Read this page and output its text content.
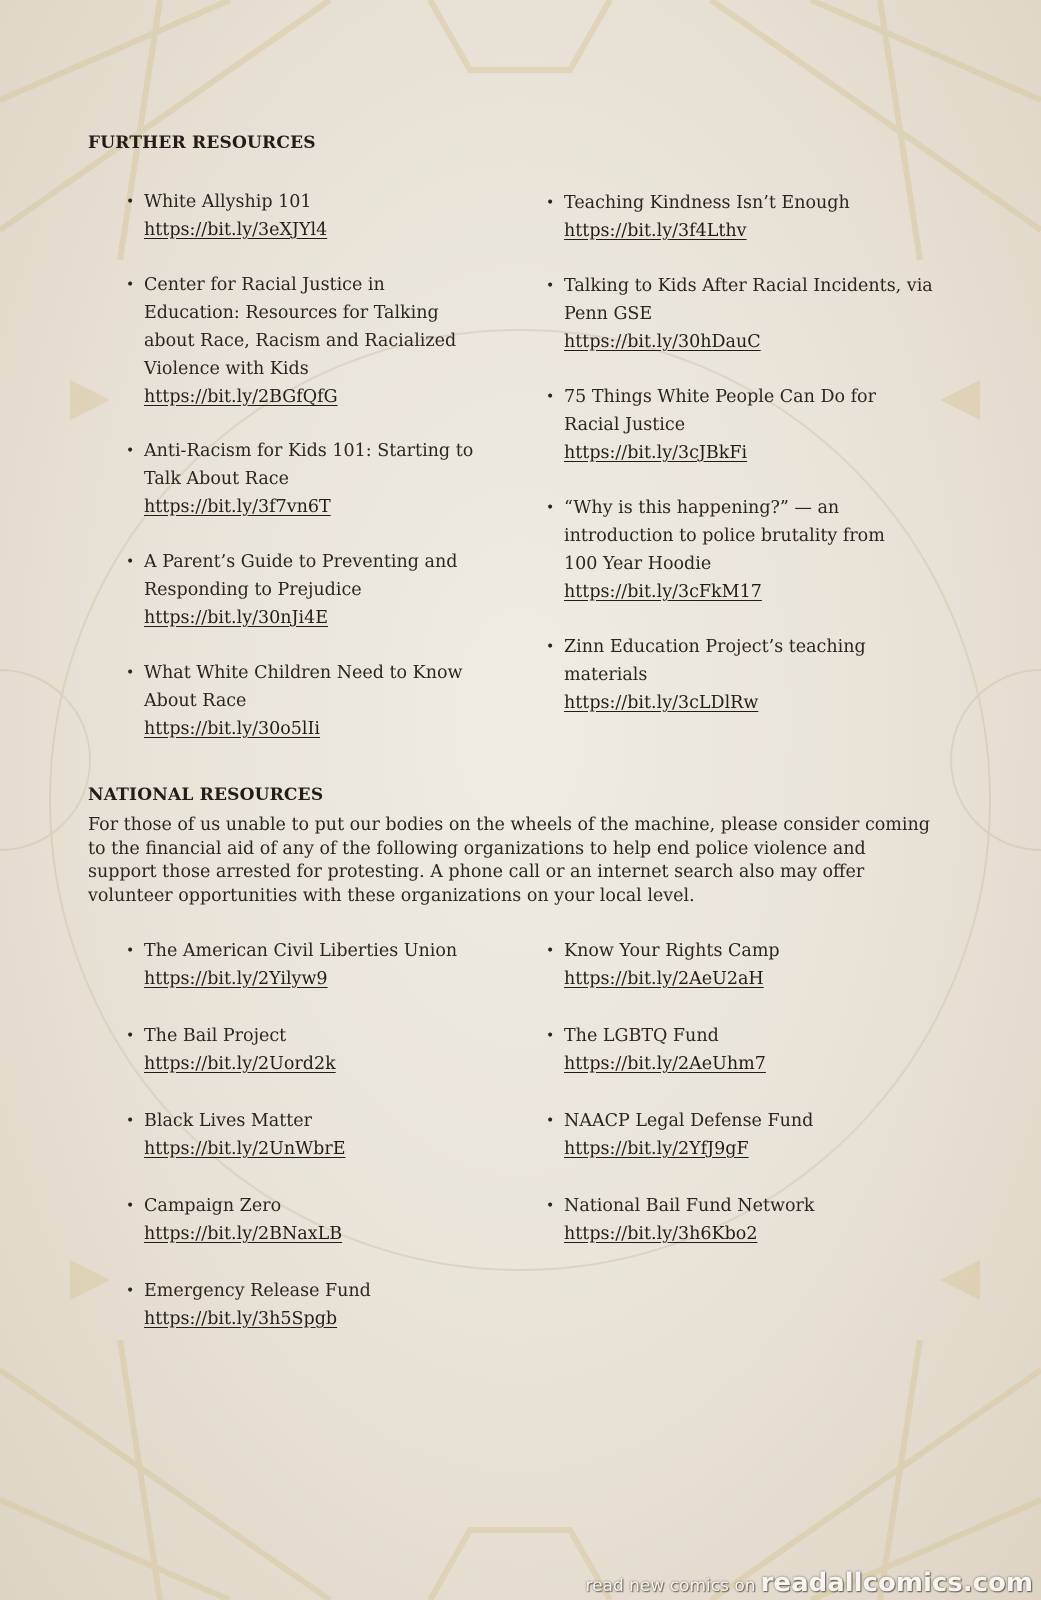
FURTHER RESOURCES
• White Allyship 101
https://bit.ly/3eXJYl4
• Center for Racial Justice in Education: Resources for Talking about Race, Racism and Racialized Violence with Kids
https://bit.ly/2BGfQfG
• Anti-Racism for Kids 101: Starting to Talk About Race
https://bit.ly/3f7vn6T
• A Parent’s Guide to Preventing and Responding to Prejudice
https://bit.ly/30nJi4E
• What White Children Need to Know About Race
https://bit.ly/30o5lIi
• Teaching Kindness Isn’t Enough
https://bit.ly/3f4Lthv
• Talking to Kids After Racial Incidents, via Penn GSE
https://bit.ly/30hDauC
• 75 Things White People Can Do for Racial Justice
https://bit.ly/3cJBkFi
• “Why is this happening?” — an introduction to police brutality from 100 Year Hoodie
https://bit.ly/3cFkM17
• Zinn Education Project’s teaching materials
https://bit.ly/3cLDlRw
NATIONAL RESOURCES
For those of us unable to put our bodies on the wheels of the machine, please consider coming to the financial aid of any of the following organizations to help end police violence and support those arrested for protesting. A phone call or an internet search also may offer volunteer opportunities with these organizations on your local level.
• The American Civil Liberties Union
https://bit.ly/2Yilyw9
• The Bail Project
https://bit.ly/2Uord2k
• Black Lives Matter
https://bit.ly/2UnWbrE
• Campaign Zero
https://bit.ly/2BNaxLB
• Emergency Release Fund
https://bit.ly/3h5Spgb
• Know Your Rights Camp
https://bit.ly/2AeU2aH
• The LGBTQ Fund
https://bit.ly/2AeUhm7
• NAACP Legal Defense Fund
https://bit.ly/2YfJ9gF
• National Bail Fund Network
https://bit.ly/3h6Kbo2
read new comics on readallcomics.com
